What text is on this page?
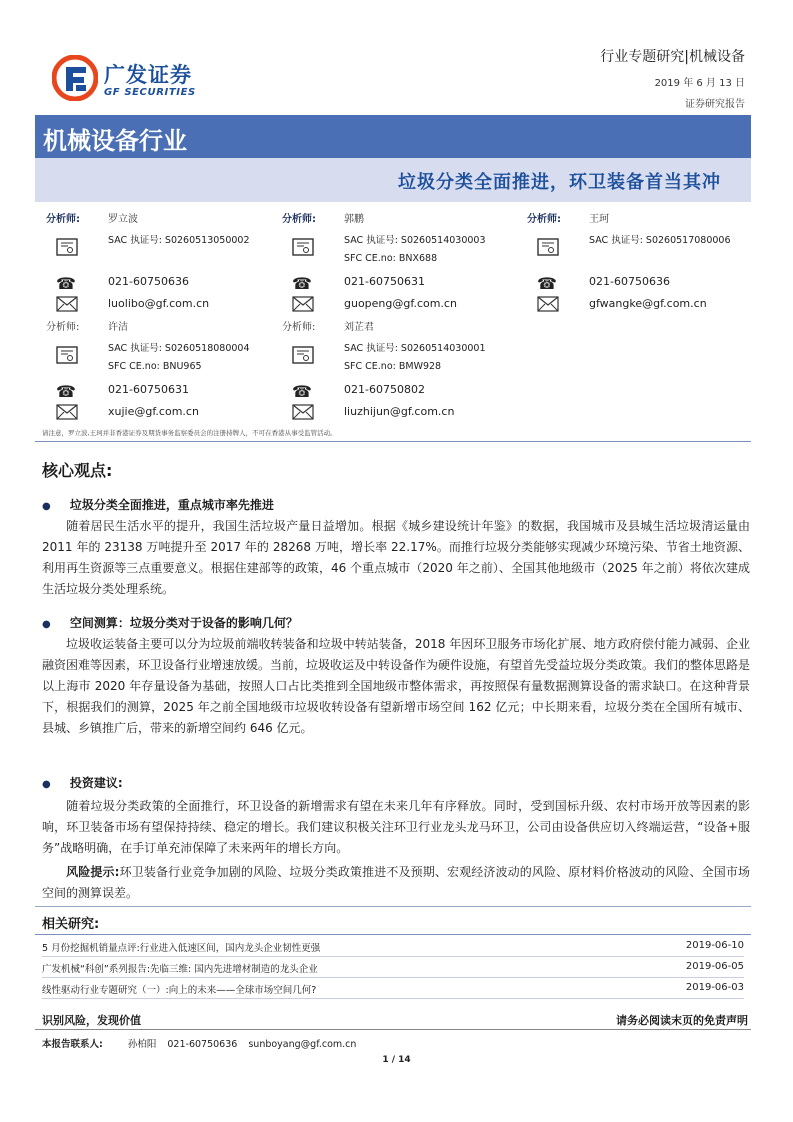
广发证券
GF SECURITIES
行业专题研究|机械设备
2019 年 6 月 13 日
证券研究报告
机械设备行业
垃圾分类全面推进，环卫装备首当其冲
分析师:	罗立波
SAC 执证号: S0260513050002
☎	021-60750636
luolibo@gf.com.cn
分析师:	郭鹏
SAC 执证号: S0260514030003
SFC CE.no: BNX688
☎	021-60750631
guopeng@gf.com.cn
分析师:	王珂
SAC 执证号: S0260517080006
☎	021-60750636
gfwangke@gf.com.cn
分析师:	许洁
SAC 执证号: S0260518080004
SFC CE.no: BNU965
☎	021-60750631
xujie@gf.com.cn
分析师:	刘芷君
SAC 执证号: S0260514030001
SFC CE.no: BMW928
☎	021-60750802
liuzhijun@gf.com.cn
请注意，罗立波,王珂并非香港证券及期货事务监察委员会的注册持牌人，不可在香港从事受监管活动。
核心观点:
● 垃圾分类全面推进，重点城市率先推进
随着居民生活水平的提升，我国生活垃圾产量日益增加。根据《城乡建设统计年鉴》的数据，我国城市及县城生活垃圾清运量由 2011 年的 23138 万吨提升至 2017 年的 28268 万吨，增长率 22.17%。而推行垃圾分类能够实现减少环境污染、节省土地资源、利用再生资源等三点重要意义。根据住建部等的政策，46 个重点城市（2020 年之前）、全国其他地级市（2025 年之前）将依次建成生活垃圾分类处理系统。
● 空间测算：垃圾分类对于设备的影响几何？
垃圾收运装备主要可以分为垃圾前端收转装备和垃圾中转站装备，2018 年因环卫服务市场化扩展、地方政府偿付能力减弱、企业融资困难等因素，环卫设备行业增速放缓。当前，垃圾收运及中转设备作为硬件设施，有望首先受益垃圾分类政策。我们的整体思路是以上海市 2020 年存量设备为基础，按照人口占比类推到全国地级市整体需求，再按照保有量数据测算设备的需求缺口。在这种背景下，根据我们的测算，2025 年之前全国地级市垃圾收转设备有望新增市场空间 162 亿元；中长期来看，垃圾分类在全国所有城市、县城、乡镇推广后，带来的新增空间约 646 亿元。
● 投资建议:
随着垃圾分类政策的全面推行，环卫设备的新增需求有望在未来几年有序释放。同时，受到国标升级、农村市场开放等因素的影响，环卫装备市场有望保持持续、稳定的增长。我们建议积极关注环卫行业龙头龙马环卫，公司由设备供应切入终端运营，“设备+服务”战略明确，在手订单充沛保障了未来两年的增长方向。
风险提示:环卫装备行业竞争加剧的风险、垃圾分类政策推进不及预期、宏观经济波动的风险、原材料价格波动的风险、全国市场空间的测算误差。
相关研究:
5 月份挖掘机销量点评:行业进入低速区间，国内龙头企业韧性更强	2019-06-10
广发机械“科创”系列报告:先临三维: 国内先进增材制造的龙头企业	2019-06-05
线性驱动行业专题研究（一）:向上的未来——全球市场空间几何?	2019-06-03
识别风险，发现价值	请务必阅读末页的免责声明
本报告联系人:	孙柏阳 021-60750636 sunboyang@gf.com.cn
1 / 14
